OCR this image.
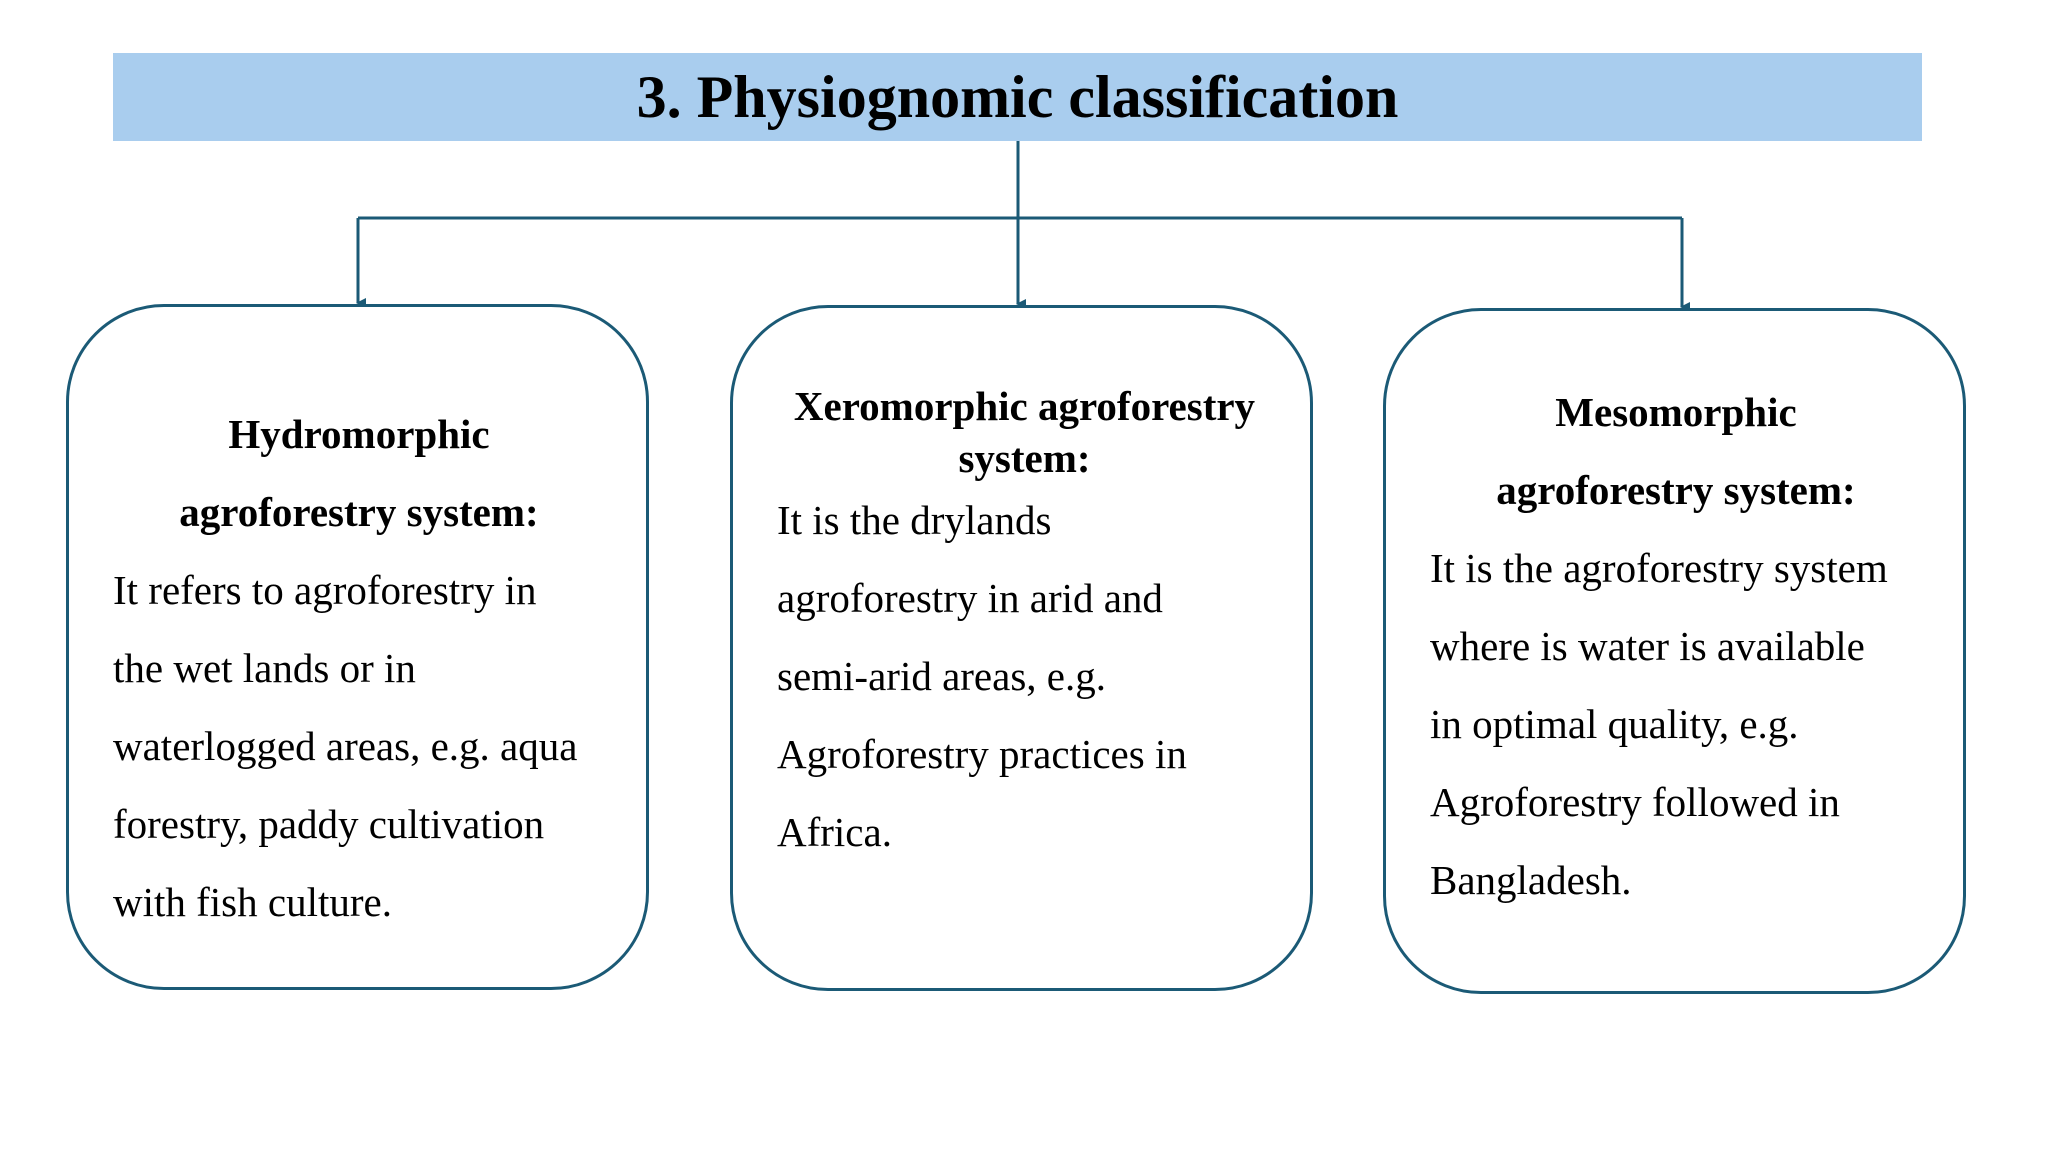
3. Physiognomic classification
Hydromorphic
agroforestry system:
It refers to agroforestry in
the wet lands or in
waterlogged areas, e.g. aqua
forestry, paddy cultivation
with fish culture.
Xeromorphic agroforestry
system:
It is the drylands
agroforestry in arid and
semi-arid areas, e.g.
Agroforestry practices in
Africa.
Mesomorphic
agroforestry system:
It is the agroforestry system
where is water is available
in optimal quality, e.g.
Agroforestry followed in
Bangladesh.
